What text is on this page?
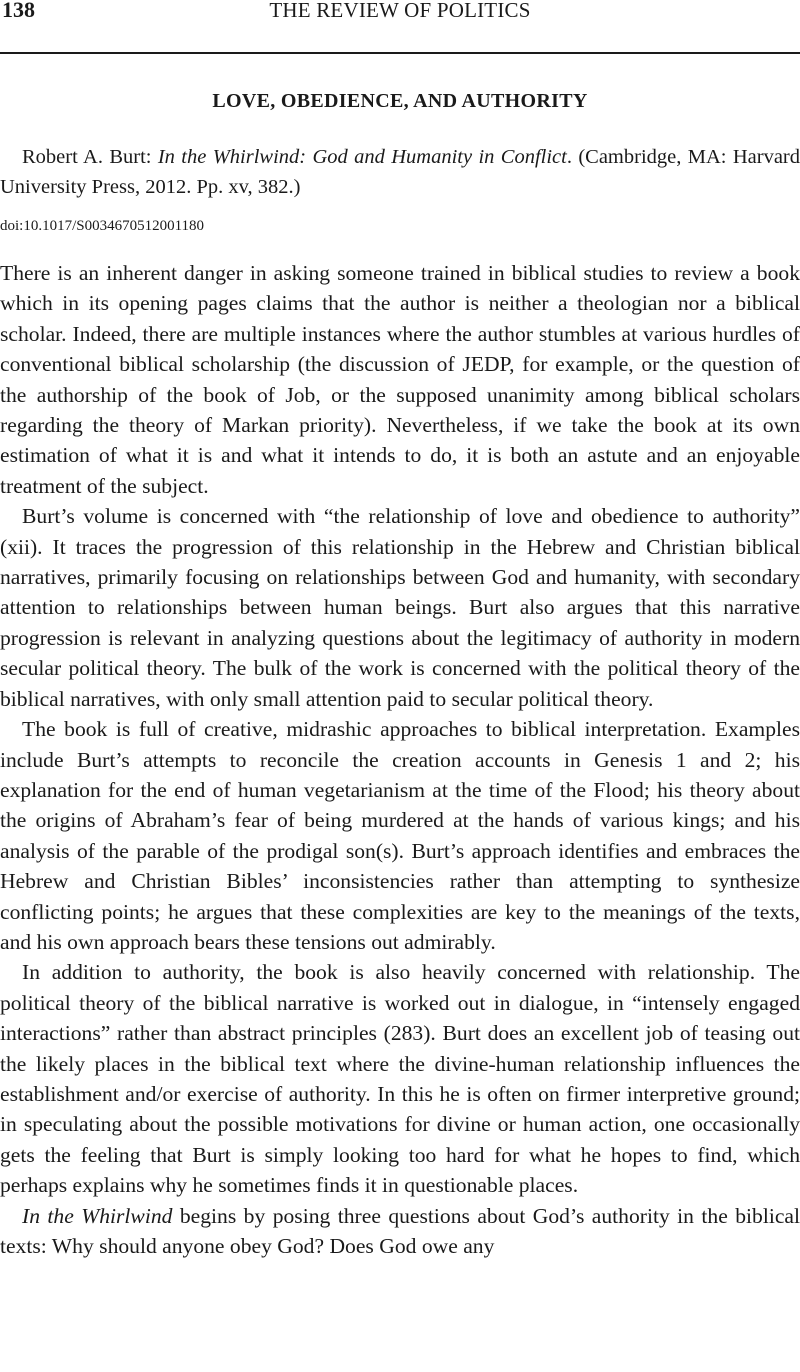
138	THE REVIEW OF POLITICS
LOVE, OBEDIENCE, AND AUTHORITY

Robert A. Burt: In the Whirlwind: God and Humanity in Conflict. (Cambridge, MA: Harvard University Press, 2012. Pp. xv, 382.)

doi:10.1017/S0034670512001180

There is an inherent danger in asking someone trained in biblical studies to review a book which in its opening pages claims that the author is neither a theologian nor a biblical scholar. Indeed, there are multiple instances where the author stumbles at various hurdles of conventional biblical scholarship (the discussion of JEDP, for example, or the question of the authorship of the book of Job, or the supposed unanimity among biblical scholars regarding the theory of Markan priority). Nevertheless, if we take the book at its own estimation of what it is and what it intends to do, it is both an astute and an enjoyable treatment of the subject.

Burt’s volume is concerned with “the relationship of love and obedience to authority” (xii). It traces the progression of this relationship in the Hebrew and Christian biblical narratives, primarily focusing on relationships between God and humanity, with secondary attention to relationships between human beings. Burt also argues that this narrative progression is relevant in analyzing questions about the legitimacy of authority in modern secular political theory. The bulk of the work is concerned with the political theory of the biblical narratives, with only small attention paid to secular political theory.

The book is full of creative, midrashic approaches to biblical interpretation. Examples include Burt’s attempts to reconcile the creation accounts in Genesis 1 and 2; his explanation for the end of human vegetarianism at the time of the Flood; his theory about the origins of Abraham’s fear of being murdered at the hands of various kings; and his analysis of the parable of the prodigal son(s). Burt’s approach identifies and embraces the Hebrew and Christian Bibles’ inconsistencies rather than attempting to synthesize conflicting points; he argues that these complexities are key to the meanings of the texts, and his own approach bears these tensions out admirably.

In addition to authority, the book is also heavily concerned with relationship. The political theory of the biblical narrative is worked out in dialogue, in “intensely engaged interactions” rather than abstract principles (283). Burt does an excellent job of teasing out the likely places in the biblical text where the divine-human relationship influences the establishment and/or exercise of authority. In this he is often on firmer interpretive ground; in speculating about the possible motivations for divine or human action, one occasionally gets the feeling that Burt is simply looking too hard for what he hopes to find, which perhaps explains why he sometimes finds it in questionable places.

In the Whirlwind begins by posing three questions about God’s authority in the biblical texts: Why should anyone obey God? Does God owe any
